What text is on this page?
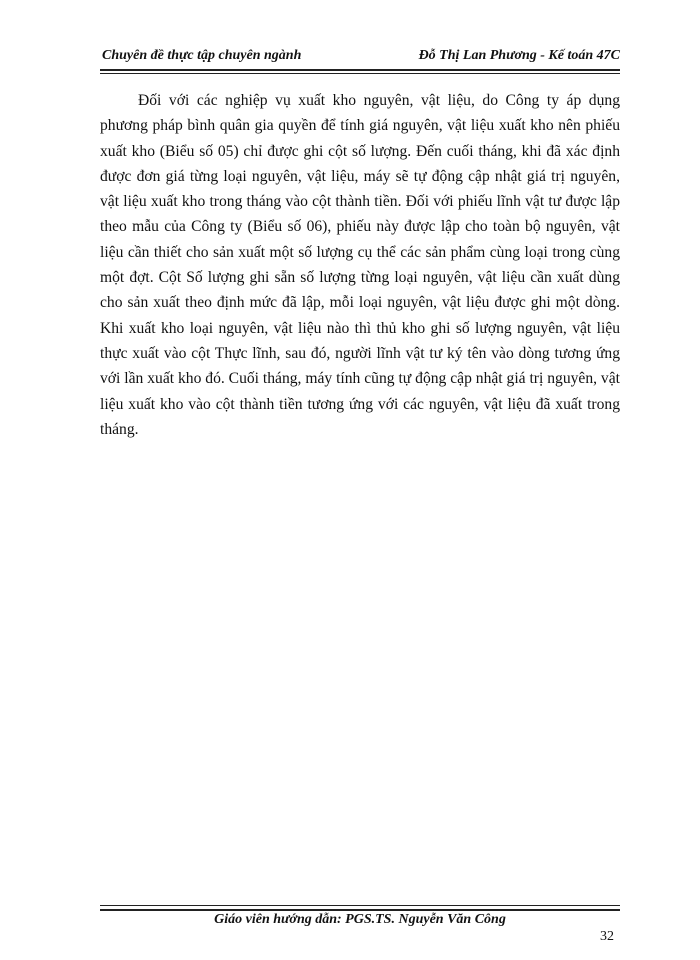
Chuyên đề thực tập chuyên ngành	Đỗ Thị Lan Phương - Kế toán 47C

Đối với các nghiệp vụ xuất kho nguyên, vật liệu, do Công ty áp dụng phương pháp bình quân gia quyền để tính giá nguyên, vật liệu xuất kho nên phiếu xuất kho (Biểu số 05) chỉ được ghi cột số lượng. Đến cuối tháng, khi đã xác định được đơn giá từng loại nguyên, vật liệu, máy sẽ tự động cập nhật giá trị nguyên, vật liệu xuất kho trong tháng vào cột thành tiền. Đối với phiếu lĩnh vật tư được lập theo mẫu của Công ty (Biểu số 06), phiếu này được lập cho toàn bộ nguyên, vật liệu cần thiết cho sản xuất một số lượng cụ thể các sản phẩm cùng loại trong cùng một đợt. Cột Số lượng ghi sẵn số lượng từng loại nguyên, vật liệu cần xuất dùng cho sản xuất theo định mức đã lập, mỗi loại nguyên, vật liệu được ghi một dòng. Khi xuất kho loại nguyên, vật liệu nào thì thủ kho ghi số lượng nguyên, vật liệu thực xuất vào cột Thực lĩnh, sau đó, người lĩnh vật tư ký tên vào dòng tương ứng với lần xuất kho đó. Cuối tháng, máy tính cũng tự động cập nhật giá trị nguyên, vật liệu xuất kho vào cột thành tiền tương ứng với các nguyên, vật liệu đã xuất trong tháng.

Giáo viên hướng dẫn: PGS.TS. Nguyễn Văn Công
32
